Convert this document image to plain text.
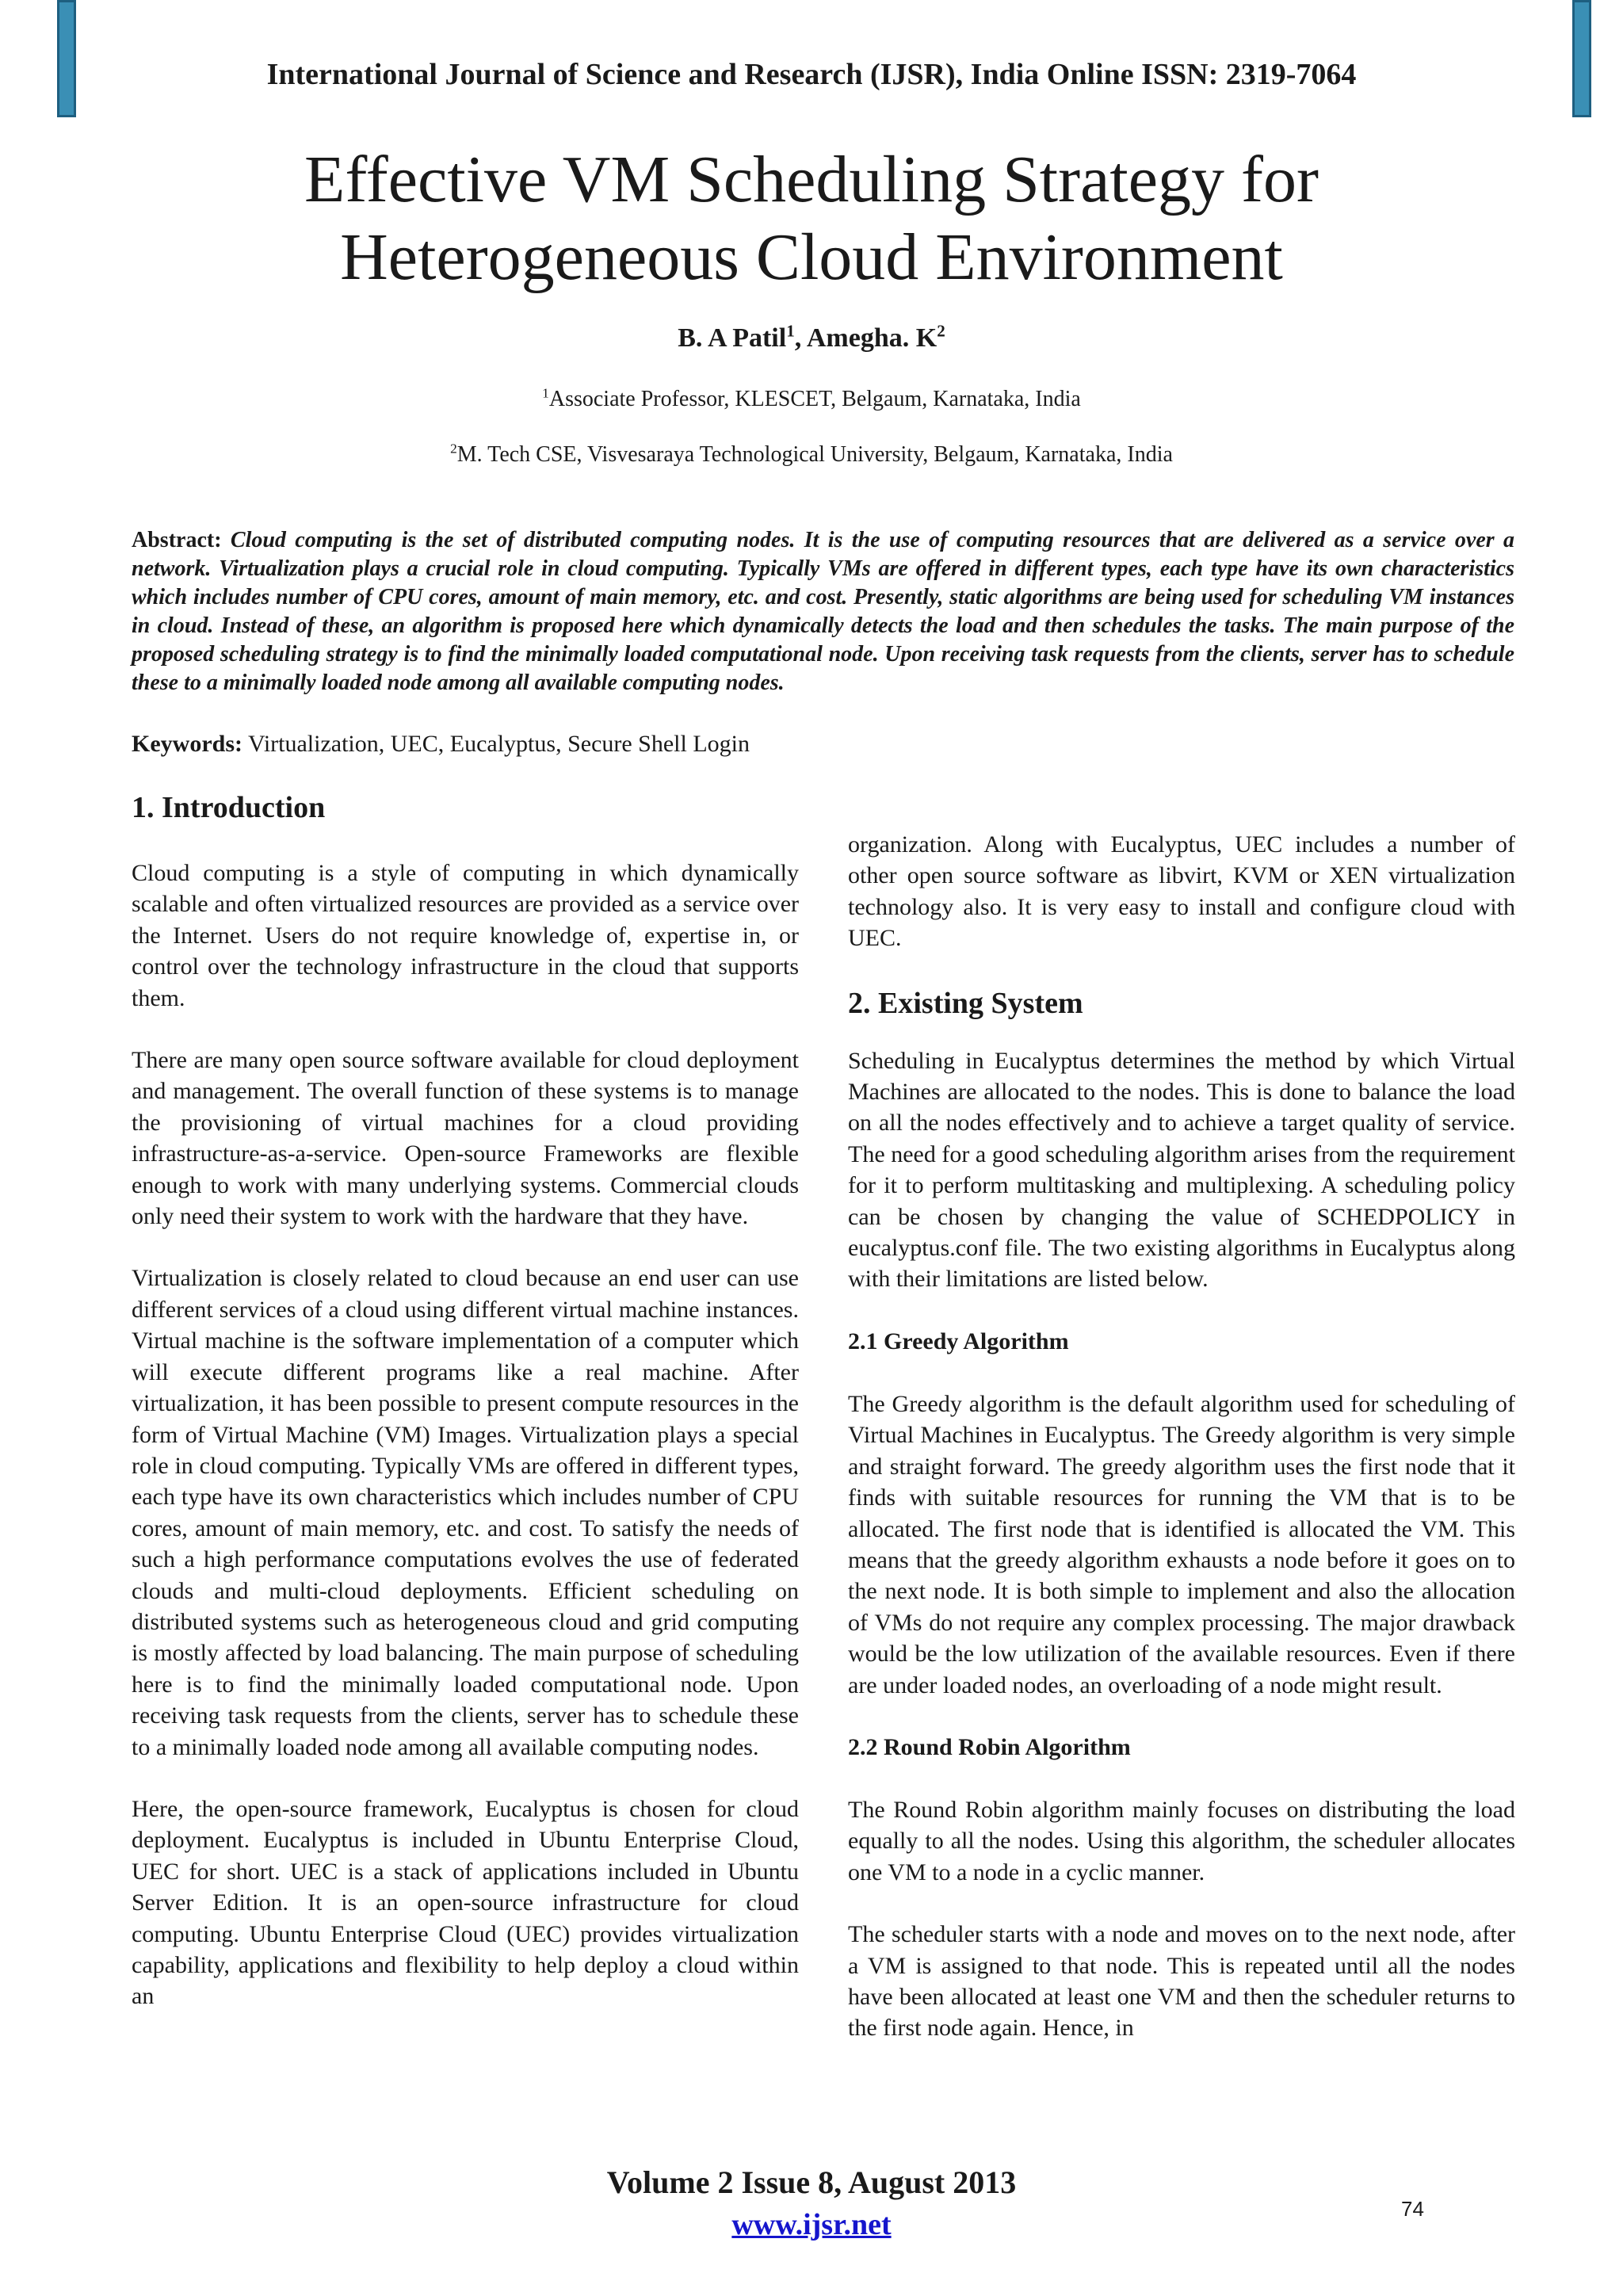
International Journal of Science and Research (IJSR), India Online ISSN: 2319-7064
Effective VM Scheduling Strategy for
Heterogeneous Cloud Environment
B. A Patil$^1$, Amegha. $K^2$
$^1$Associate Professor, KLESCET, Belgaum, Karnataka, India
$^2$M. Tech CSE, Visvesaraya Technological University, Belgaum, Karnataka, India
Abstract: Cloud computing is the set of distributed computing nodes. It is the use of computing resources that are delivered as a service over a network. Virtualization plays a crucial role in cloud computing. Typically VMs are offered in different types, each type have its own characteristics which includes number of CPU cores, amount of main memory, etc. and cost. Presently, static algorithms are being used for scheduling VM instances in cloud. Instead of these, an algorithm is proposed here which dynamically detects the load and then schedules the tasks. The main purpose of the proposed scheduling strategy is to find the minimally loaded computational node. Upon receiving task requests from the clients, server has to schedule these to a minimally loaded node among all available computing nodes.
Keywords: Virtualization, UEC, Eucalyptus, Secure Shell Login
1. Introduction

Cloud computing is a style of computing in which dynamically scalable and often virtualized resources are provided as a service over the Internet. Users do not require knowledge of, expertise in, or control over the technology infrastructure in the cloud that supports them.

There are many open source software available for cloud deployment and management. The overall function of these systems is to manage the provisioning of virtual machines for a cloud providing infrastructure-as-a-service. Open-source Frameworks are flexible enough to work with many underlying systems. Commercial clouds only need their system to work with the hardware that they have.

Virtualization is closely related to cloud because an end user can use different services of a cloud using different virtual machine instances. Virtual machine is the software implementation of a computer which will execute different programs like a real machine. After virtualization, it has been possible to present compute resources in the form of Virtual Machine (VM) Images. Virtualization plays a special role in cloud computing. Typically VMs are offered in different types, each type have its own characteristics which includes number of CPU cores, amount of main memory, etc. and cost. To satisfy the needs of such a high performance computations evolves the use of federated clouds and multi-cloud deployments. Efficient scheduling on distributed systems such as heterogeneous cloud and grid computing is mostly affected by load balancing. The main purpose of scheduling here is to find the minimally loaded computational node. Upon receiving task requests from the clients, server has to schedule these to a minimally loaded node among all available computing nodes.

Here, the open-source framework, Eucalyptus is chosen for cloud deployment. Eucalyptus is included in Ubuntu Enterprise Cloud, UEC for short. UEC is a stack of applications included in Ubuntu Server Edition. It is an open-source infrastructure for cloud computing. Ubuntu Enterprise Cloud (UEC) provides virtualization capability, applications and flexibility to help deploy a cloud within an

organization. Along with Eucalyptus, UEC includes a number of other open source software as libvirt, KVM or XEN virtualization technology also. It is very easy to install and configure cloud with UEC.

2. Existing System

Scheduling in Eucalyptus determines the method by which Virtual Machines are allocated to the nodes. This is done to balance the load on all the nodes effectively and to achieve a target quality of service. The need for a good scheduling algorithm arises from the requirement for it to perform multitasking and multiplexing. A scheduling policy can be chosen by changing the value of SCHEDPOLICY in eucalyptus.conf file. The two existing algorithms in Eucalyptus along with their limitations are listed below.

2.1 Greedy Algorithm

The Greedy algorithm is the default algorithm used for scheduling of Virtual Machines in Eucalyptus. The Greedy algorithm is very simple and straight forward. The greedy algorithm uses the first node that it finds with suitable resources for running the VM that is to be allocated. The first node that is identified is allocated the VM. This means that the greedy algorithm exhausts a node before it goes on to the next node. It is both simple to implement and also the allocation of VMs do not require any complex processing. The major drawback would be the low utilization of the available resources. Even if there are under loaded nodes, an overloading of a node might result.

2.2 Round Robin Algorithm

The Round Robin algorithm mainly focuses on distributing the load equally to all the nodes. Using this algorithm, the scheduler allocates one VM to a node in a cyclic manner.

The scheduler starts with a node and moves on to the next node, after a VM is assigned to that node. This is repeated until all the nodes have been allocated at least one VM and then the scheduler returns to the first node again. Hence, in

Volume 2 Issue 8, August 2013
www.ijsr.net	74
